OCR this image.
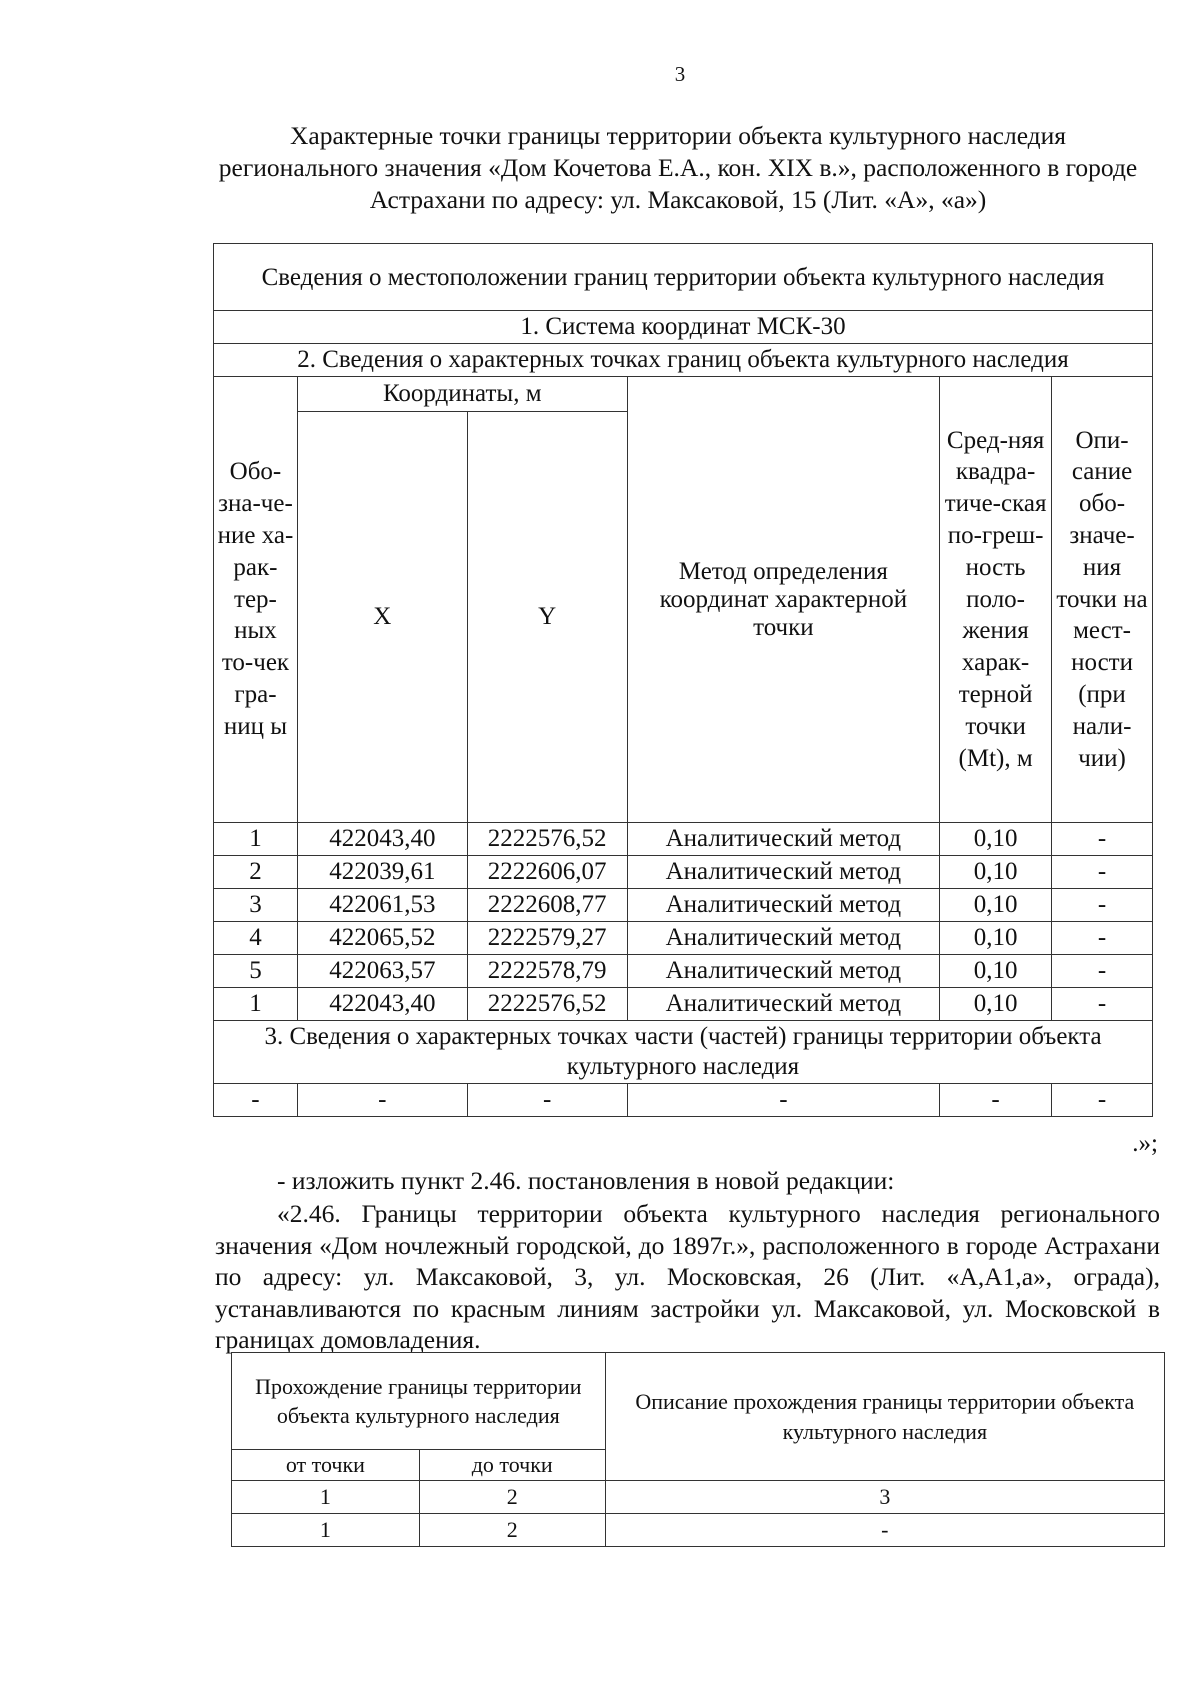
3
Характерные точки границы территории объекта культурного наследия регионального значения «Дом Кочетова Е.А., кон. XIX в.», расположенного в городе Астрахани по адресу: ул. Максаковой, 15 (Лит. «А», «а»)
Сведения о местоположении границ территории объекта культурного наследия					
1. Система координат МСК-30					
2. Сведения о характерных точках границ объекта культурного наследия					
Обо-зна-че-ние ха-рак-тер-ных то-чек гра-ниц ы	Координаты, м		Метод определения координат характерной точки	Сред-няя квадра-тиче-ская по-греш-ность поло-жения харак-терной точки (Mt), м	Опи-сание обо-значе-ния точки на мест-ности (при нали-чии)
	X	Y			
1	422043,40	2222576,52	Аналитический метод	0,10	-
2	422039,61	2222606,07	Аналитический метод	0,10	-
3	422061,53	2222608,77	Аналитический метод	0,10	-
4	422065,52	2222579,27	Аналитический метод	0,10	-
5	422063,57	2222578,79	Аналитический метод	0,10	-
1	422043,40	2222576,52	Аналитический метод	0,10	-
3. Сведения о характерных точках части (частей) границы территории объекта культурного наследия					
-	-	-	-	-	-
.»;
- изложить пункт 2.46. постановления в новой редакции:
«2.46. Границы территории объекта культурного наследия регионального значения «Дом ночлежный городской, до 1897г.», расположенного в городе Астрахани по адресу: ул. Максаковой, 3, ул. Московская, 26 (Лит. «А,А1,а», ограда), устанавливаются по красным линиям застройки ул. Максаковой, ул. Московской в границах домовладения.
Прохождение границы территории объекта культурного наследия		Описание прохождения границы территории объекта культурного наследия
от точки	до точки	
1	2	3
1	2	-
